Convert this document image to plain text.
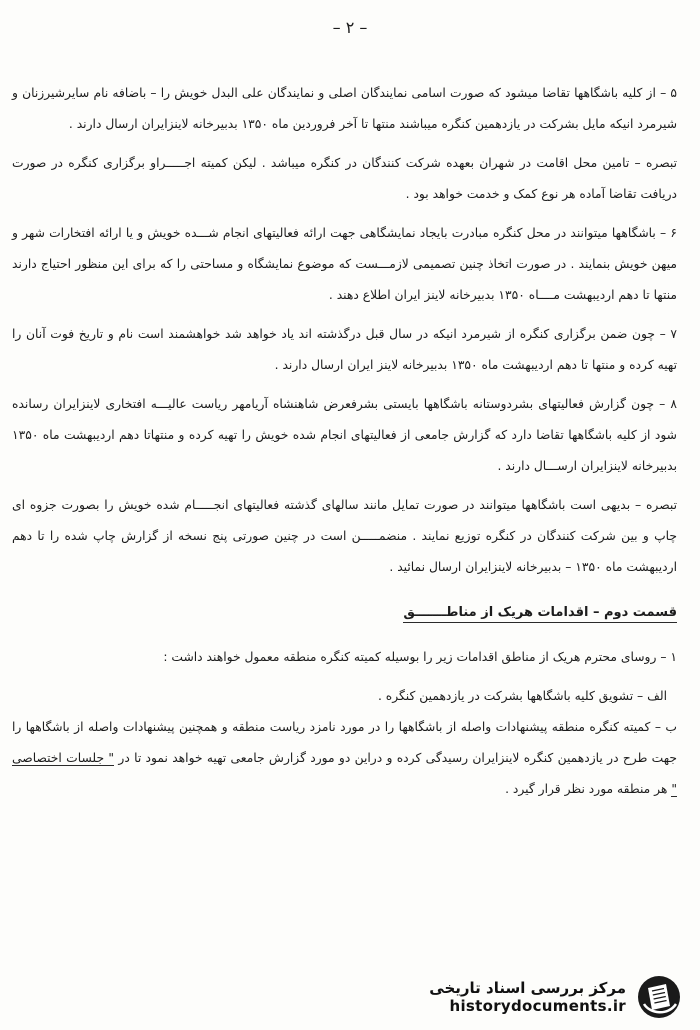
– ۲ –

۵ – از کلیه باشگاهها تقاضا میشود که صورت اسامی نمایندگان اصلی و نمایندگان علی البدل خویش را – باضافه نام سایرشیرزنان و شیرمرد انیکه مایل بشرکت در یازدهمین کنگره میباشند منتها تا آخر فروردین ماه ۱۳۵۰ بدبیرخانه لاینزایران ارسال دارند .

تبصره – تامین محل اقامت در شهران بعهده شرکت کنندگان در کنگره میباشد . لیکن کمیته اجـــــراو برگزاری کنگره در صورت دریافت تقاضا آماده هر نوع کمک و خدمت خواهد بود .

۶ – باشگاهها میتوانند در محل کنگره مبادرت بایجاد نمایشگاهی جهت ارائه فعالیتهای انجام شـــده خویش و یا ارائه افتخارات شهر و میهن خویش بنمایند . در صورت اتخاذ چنین تصمیمی لازمـــست که موضوع نمایشگاه و مساحتی را که برای این منظور احتیاج دارند منتها تا دهم اردیبهشت مــــاه ۱۳۵۰ بدبیرخانه لاینز ایران اطلاع دهند .

۷ – چون ضمن برگزاری کنگره از شیرمرد انیکه در سال قبل درگذشته اند یاد خواهد شد خواهشمند است نام و تاریخ فوت آنان را تهیه کرده و منتها تا دهم اردیبهشت ماه ۱۳۵۰ بدبیرخانه لاینز ایران ارسال دارند .

۸ – چون گزارش فعالیتهای بشردوستانه باشگاهها بایستی بشرفعرض شاهنشاه آریامهر ریاست عالیـــه افتخاری لاینزایران رسانده شود از کلیه باشگاهها تقاضا دارد که گزارش جامعی از فعالیتهای انجام شده خویش را تهیه کرده و منتهاتا دهم اردیبهشت ماه ۱۳۵۰ بدبیرخانه لاینزایران ارســـال دارند .

تبصره – بدیهی است باشگاهها میتوانند در صورت تمایل مانند سالهای گذشته فعالیتهای انجـــــام شده خویش را بصورت جزوه ای چاپ و بین شرکت کنندگان در کنگره توزیع نمایند . منضمـــــن است در چنین صورتی پنج نسخه از گزارش چاپ شده را تا دهم اردیبهشت ماه ۱۳۵۰ – بدبیرخانه لاینزایران ارسال نمائید .

قسمت دوم – اقدامات هریک از مناطـــــــق

۱ – روسای محترم هریک از مناطق اقدامات زیر را بوسیله کمیته کنگره منطقه معمول خواهند داشت :

الف – تشویق کلیه باشگاهها بشرکت در یازدهمین کنگره .

ب – کمیته کنگره منطقه پیشنهادات واصله از باشگاهها را در مورد نامزد ریاست منطقه و همچنین پیشنهادات واصله از باشگاهها را جهت طرح در یازدهمین کنگره لاینزایران رسیدگی کرده و دراین دو مورد گزارش جامعی تهیه خواهد نمود تا در " جلسات اختصاصی " هر منطقه مورد نظر قرار گیرد .

مرکز بررسی اسناد تاریخی
historydocuments.ir
